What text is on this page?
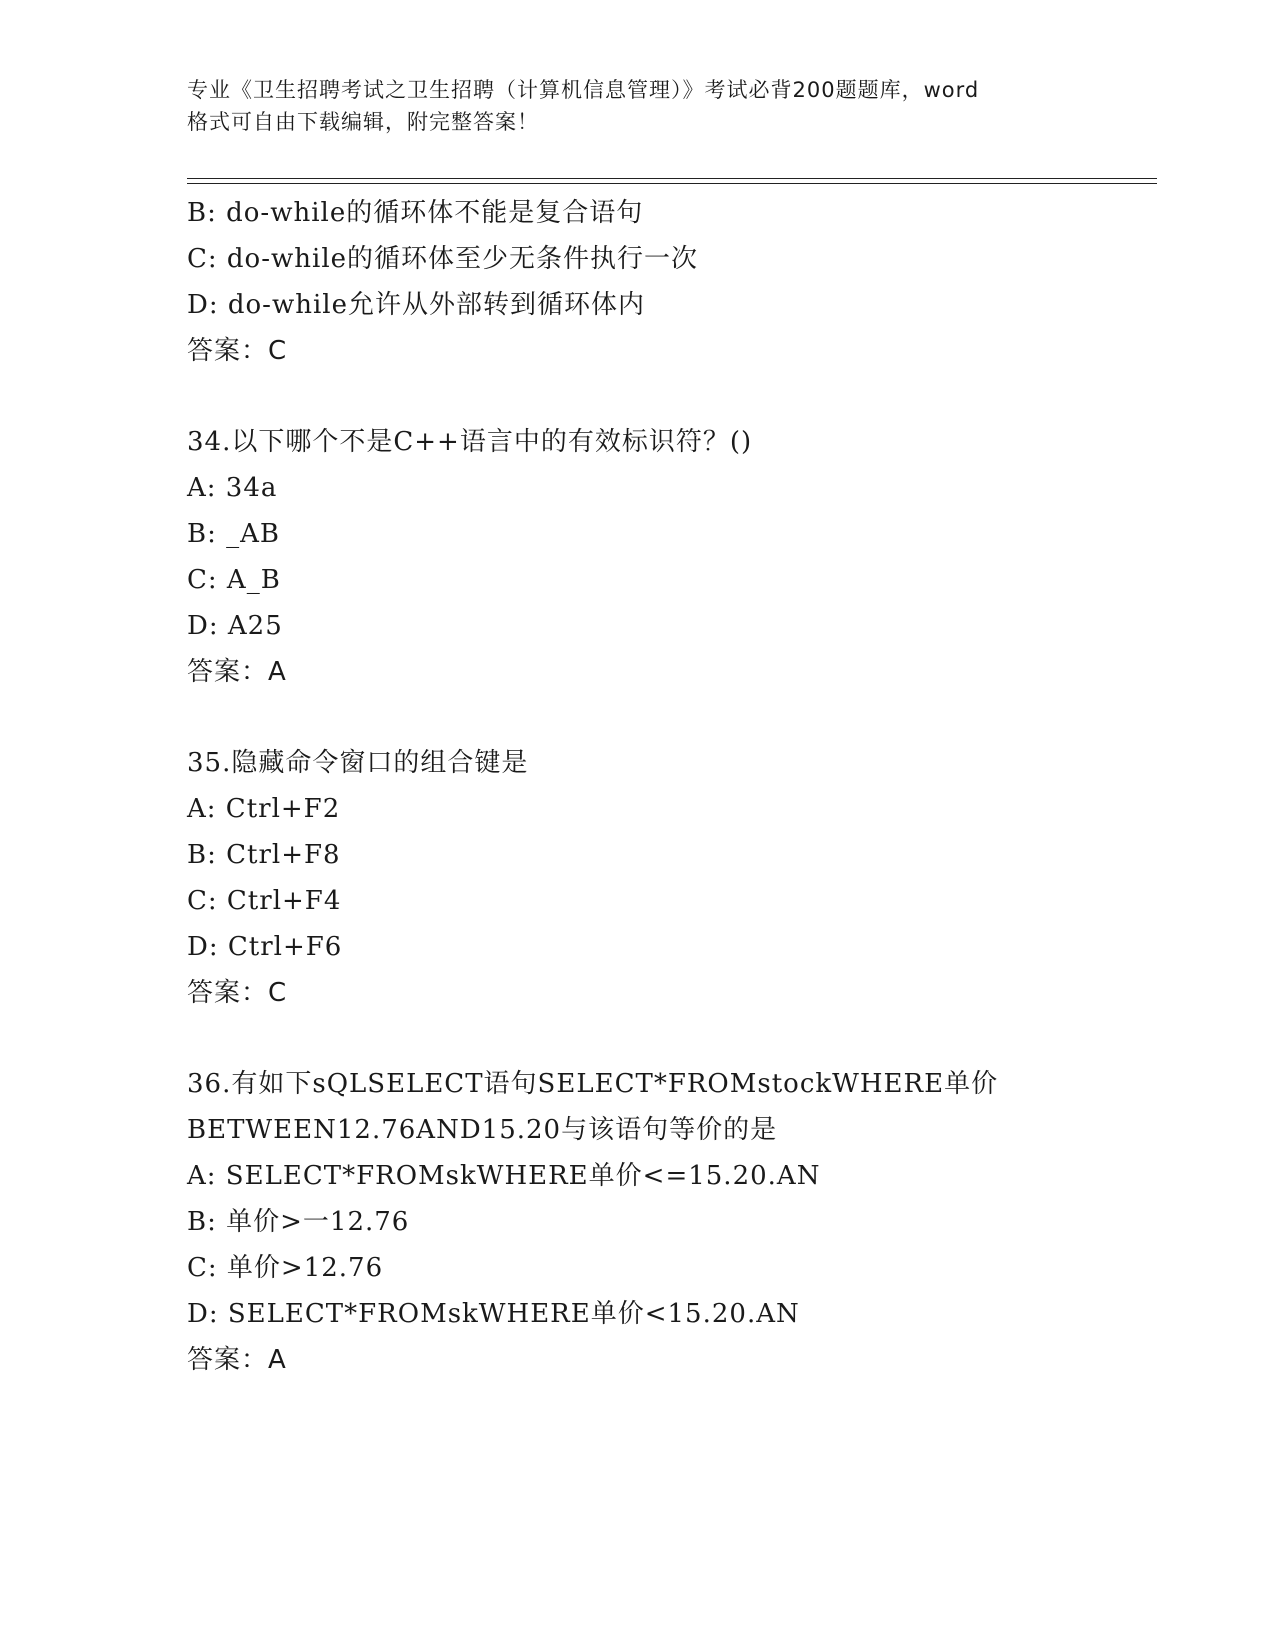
专业《卫生招聘考试之卫生招聘（计算机信息管理）》考试必背200题题库，word
格式可自由下载编辑，附完整答案！
B: do-while的循环体不能是复合语句
C: do-while的循环体至少无条件执行一次
D: do-while允许从外部转到循环体内
答案：C
34.以下哪个不是C++语言中的有效标识符？()
A: 34a
B: _AB
C: A_B
D: A25
答案：A
35.隐藏命令窗口的组合键是
A: Ctrl+F2
B: Ctrl+F8
C: Ctrl+F4
D: Ctrl+F6
答案：C
36.有如下sQLSELECT语句SELECT*FROMstockWHERE单价
BETWEEN12.76AND15.20与该语句等价的是
A: SELECT*FROMskWHERE单价<=15.20.AN
B: 单价>一12.76
C: 单价>12.76
D: SELECT*FROMskWHERE单价<15.20.AN
答案：A
